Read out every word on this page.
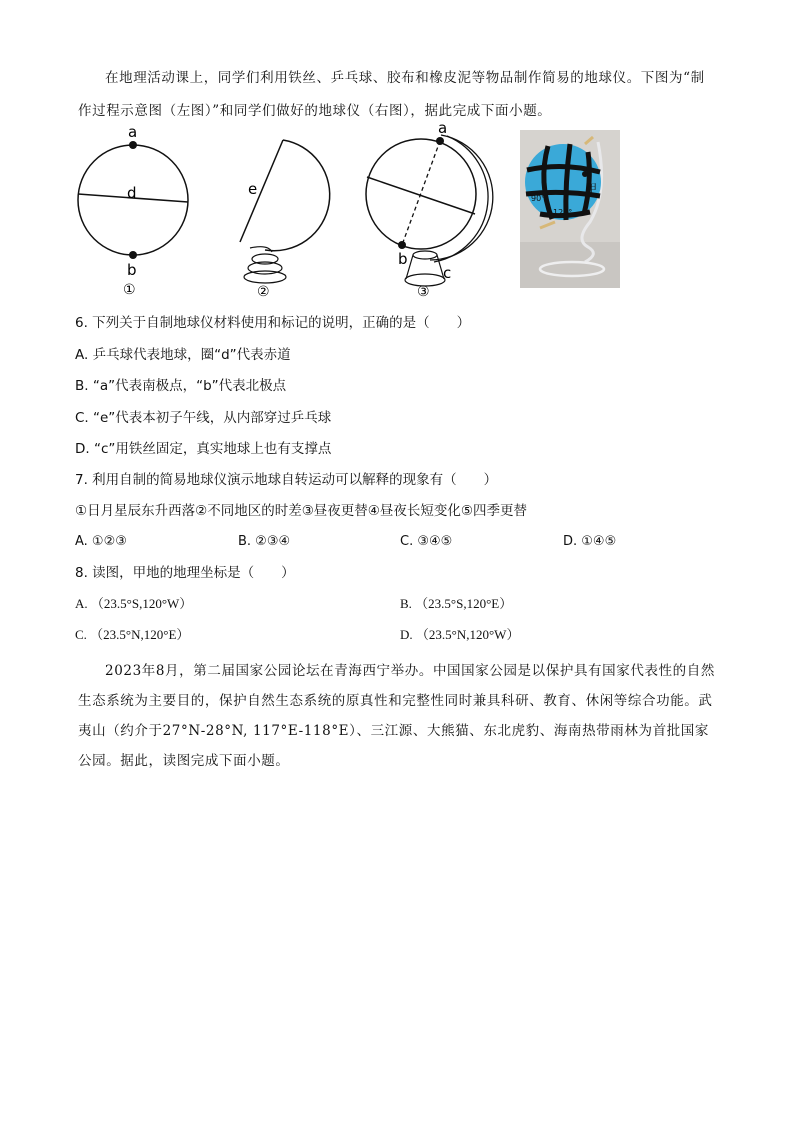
在地理活动课上，同学们利用铁丝、乒乓球、胶布和橡皮泥等物品制作简易的地球仪。下图为“制作过程示意图（左图）”和同学们做好的地球仪（右图），据此完成下面小题。
a
d
b
①
e
②
a
b
c
③
甲
90°
120°
6. 下列关于自制地球仪材料使用和标记的说明，正确的是（　　）
A. 乒乓球代表地球，圈“d”代表赤道
B. “a”代表南极点，“b”代表北极点
C. “e”代表本初子午线，从内部穿过乒乓球
D. “c”用铁丝固定，真实地球上也有支撑点
7. 利用自制的简易地球仪演示地球自转运动可以解释的现象有（　　）
①日月星辰东升西落②不同地区的时差③昼夜更替④昼夜长短变化⑤四季更替
A. ①②③	B. ②③④	C. ③④⑤	D. ①④⑤
8. 读图，甲地的地理坐标是（　　）
A. （23.5°S,120°W）	B. （23.5°S,120°E）
C. （23.5°N,120°E）	D. （23.5°N,120°W）
2023年8月，第二届国家公园论坛在青海西宁举办。中国国家公园是以保护具有国家代表性的自然生态系统为主要目的，保护自然生态系统的原真性和完整性同时兼具科研、教育、休闲等综合功能。武夷山（约介于27°N-28°N, 117°E-118°E）、三江源、大熊猫、东北虎豹、海南热带雨林为首批国家公园。据此，读图完成下面小题。
